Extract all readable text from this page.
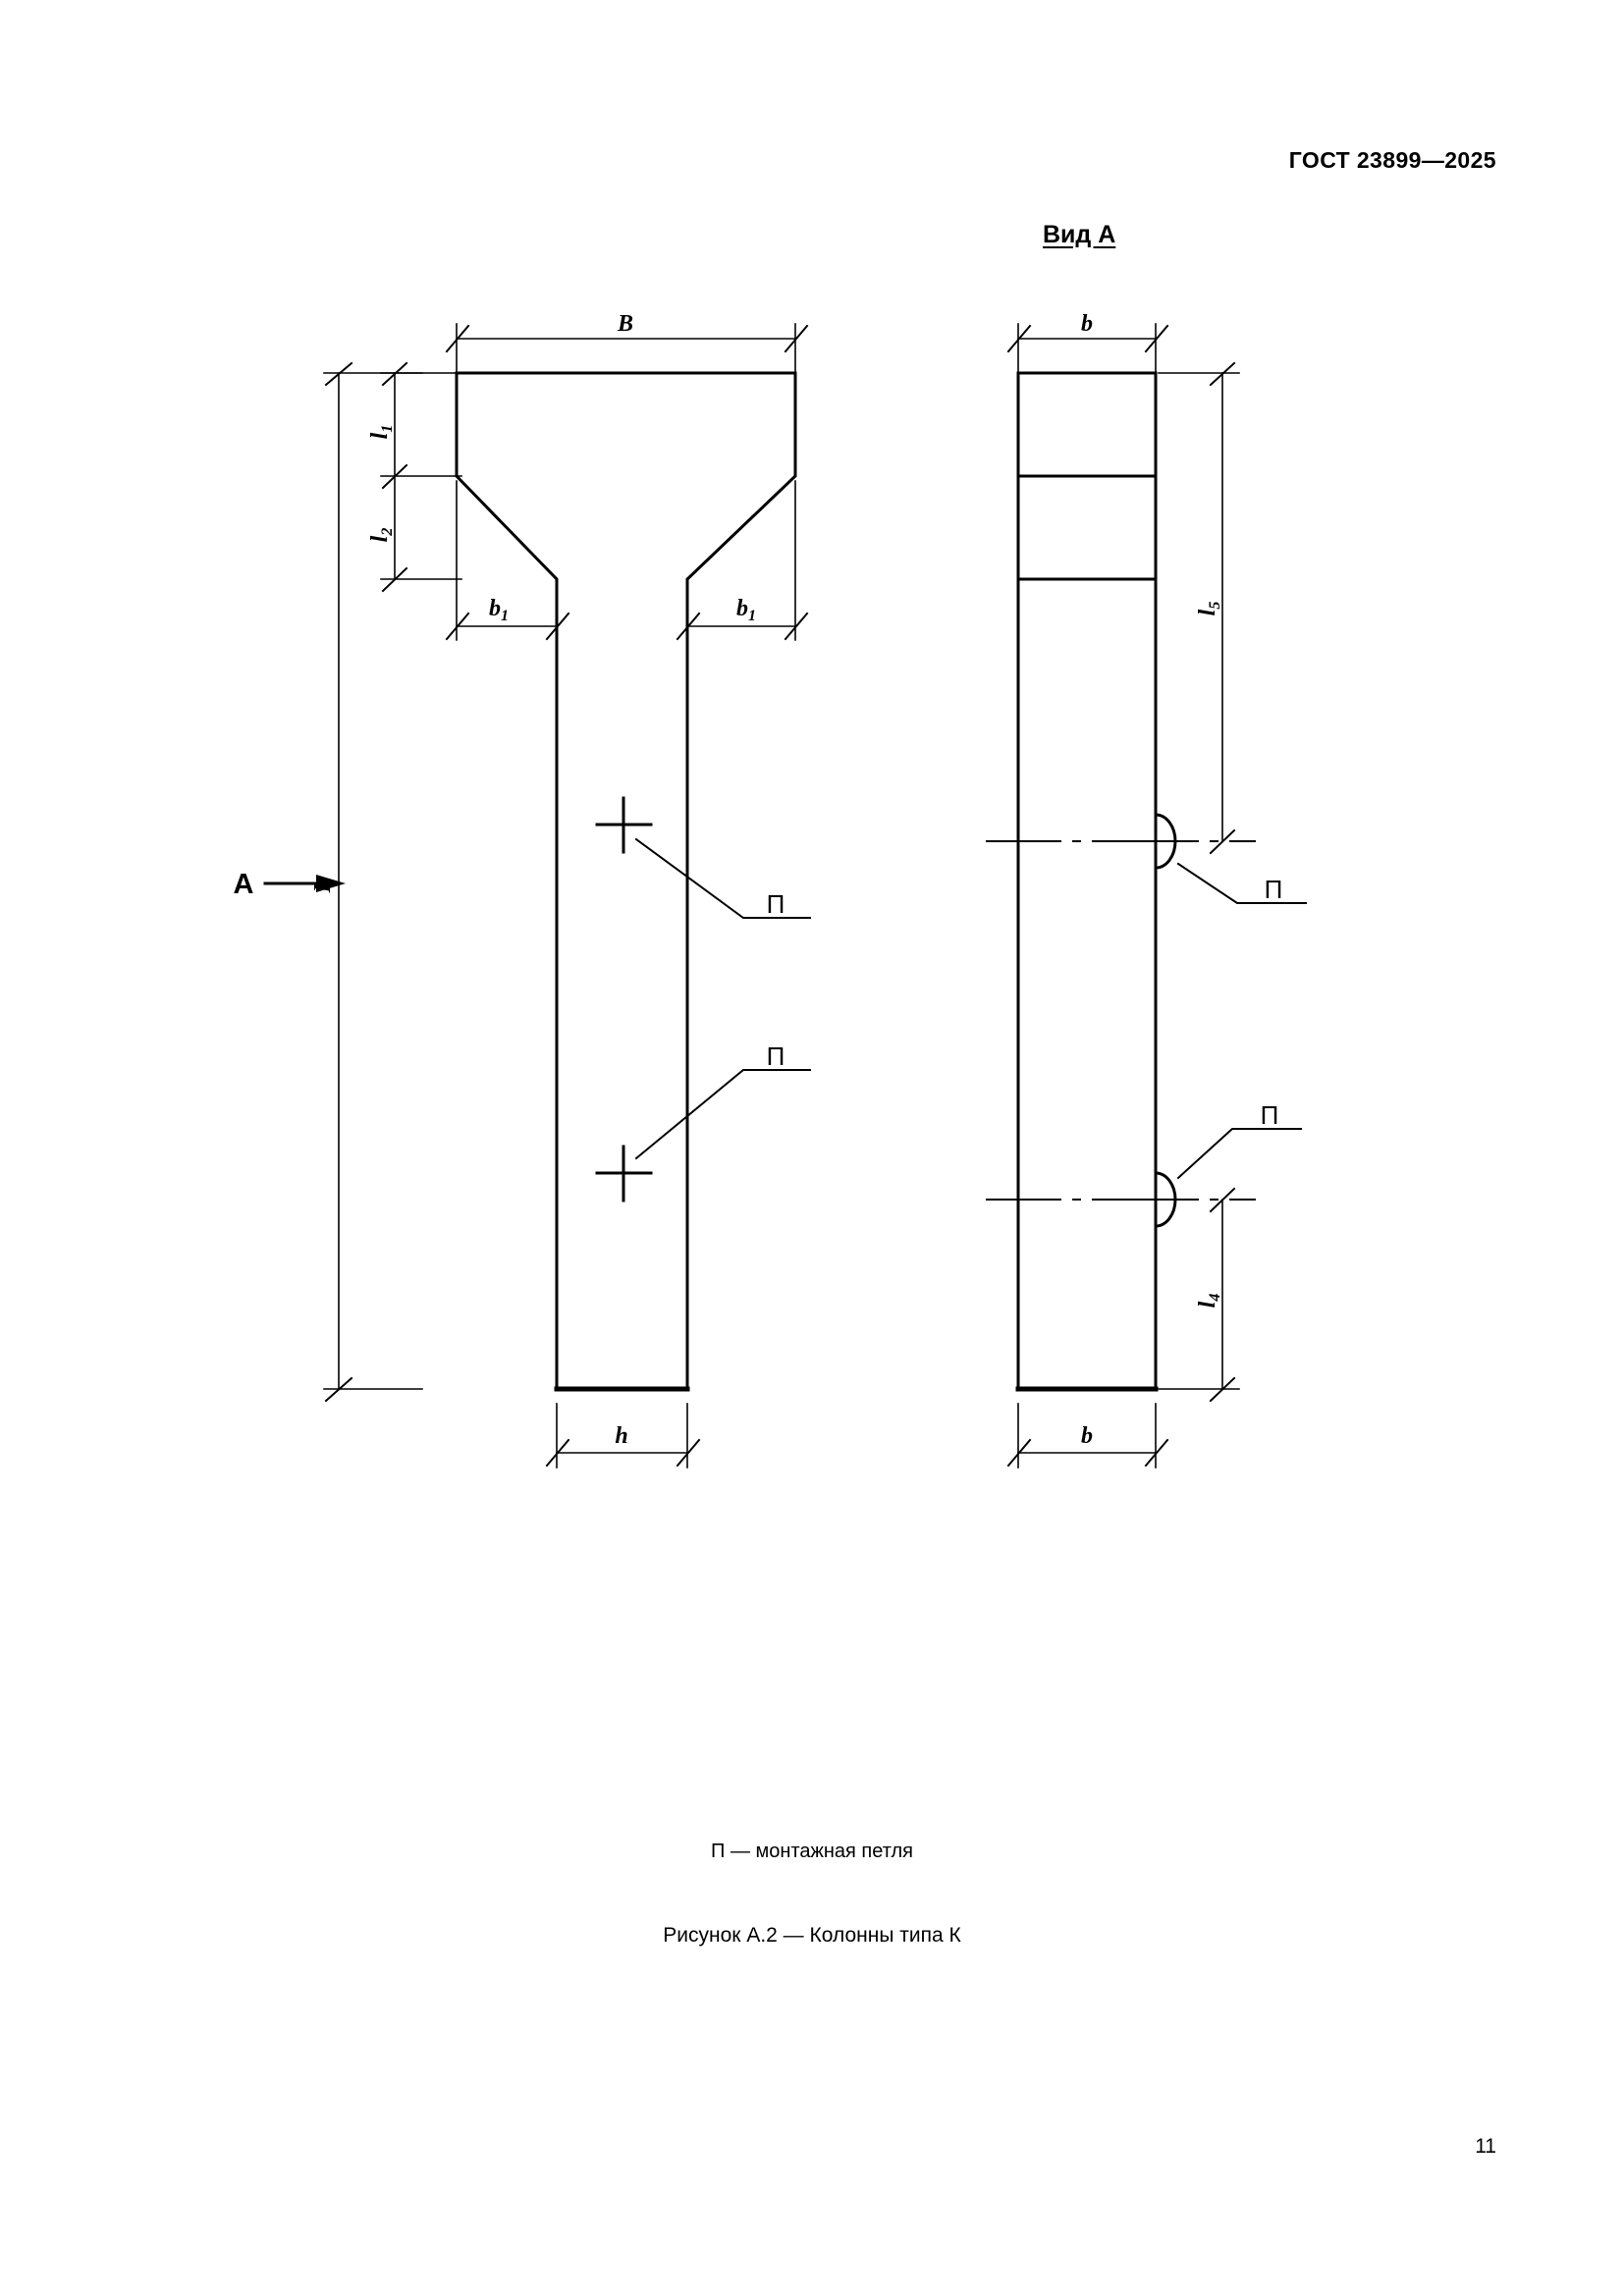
ГОСТ 23899—2025
Вид А
B
L
$l_1$
$l_2$
$b_1$	$b_1$
h
b
b
$l_5$
$l_4$
А
П
П
П
П
П — монтажная петля
Рисунок А.2 — Колонны типа К
11
